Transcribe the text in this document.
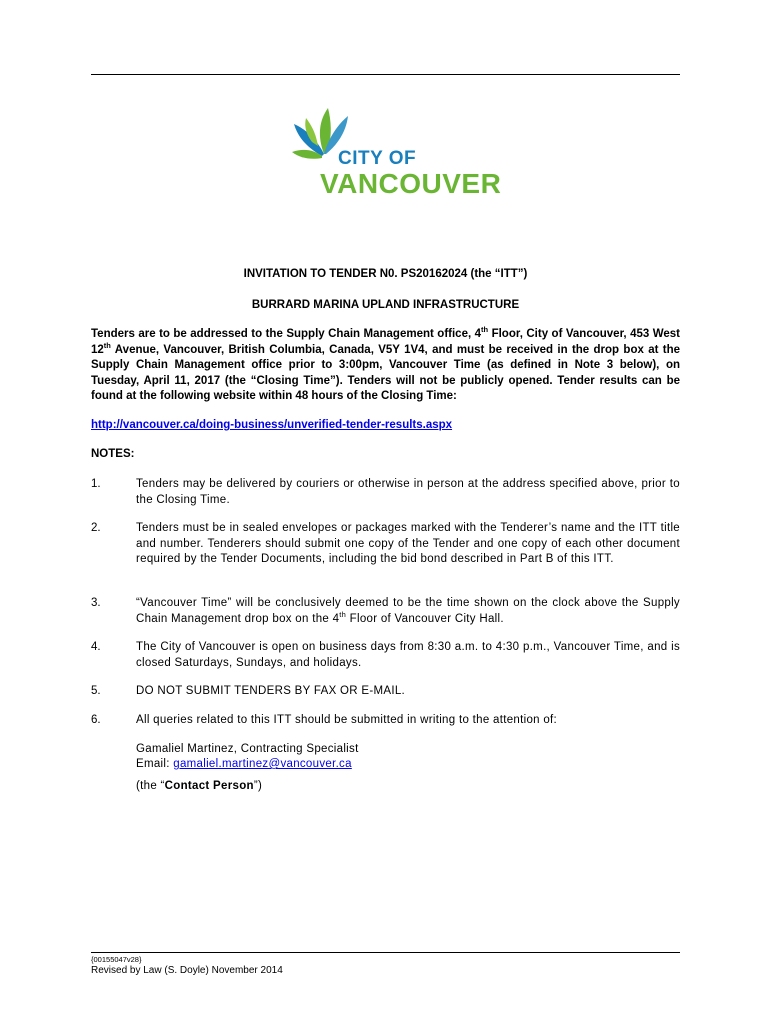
CITY OF
VANCOUVER
INVITATION TO TENDER N0. PS20162024 (the “ITT”)
BURRARD MARINA UPLAND INFRASTRUCTURE
Tenders are to be addressed to the Supply Chain Management office, 4th Floor, City of Vancouver, 453 West 12th Avenue, Vancouver, British Columbia, Canada, V5Y 1V4, and must be received in the drop box at the Supply Chain Management office prior to 3:00pm, Vancouver Time (as defined in Note 3 below), on Tuesday, April 11, 2017 (the “Closing Time”). Tenders will not be publicly opened. Tender results can be found at the following website within 48 hours of the Closing Time:
http://vancouver.ca/doing-business/unverified-tender-results.aspx
NOTES:
1.	Tenders may be delivered by couriers or otherwise in person at the address specified above, prior to the Closing Time.
2.	Tenders must be in sealed envelopes or packages marked with the Tenderer’s name and the ITT title and number. Tenderers should submit one copy of the Tender and one copy of each other document required by the Tender Documents, including the bid bond described in Part B of this ITT.
3.	“Vancouver Time” will be conclusively deemed to be the time shown on the clock above the Supply Chain Management drop box on the 4th Floor of Vancouver City Hall.
4.	The City of Vancouver is open on business days from 8:30 a.m. to 4:30 p.m., Vancouver Time, and is closed Saturdays, Sundays, and holidays.
5.	DO NOT SUBMIT TENDERS BY FAX OR E-MAIL.
6.	All queries related to this ITT should be submitted in writing to the attention of:
Gamaliel Martinez, Contracting Specialist
Email: gamaliel.martinez@vancouver.ca
(the “Contact Person”)
{00155047v28}
Revised by Law (S. Doyle) November 2014
